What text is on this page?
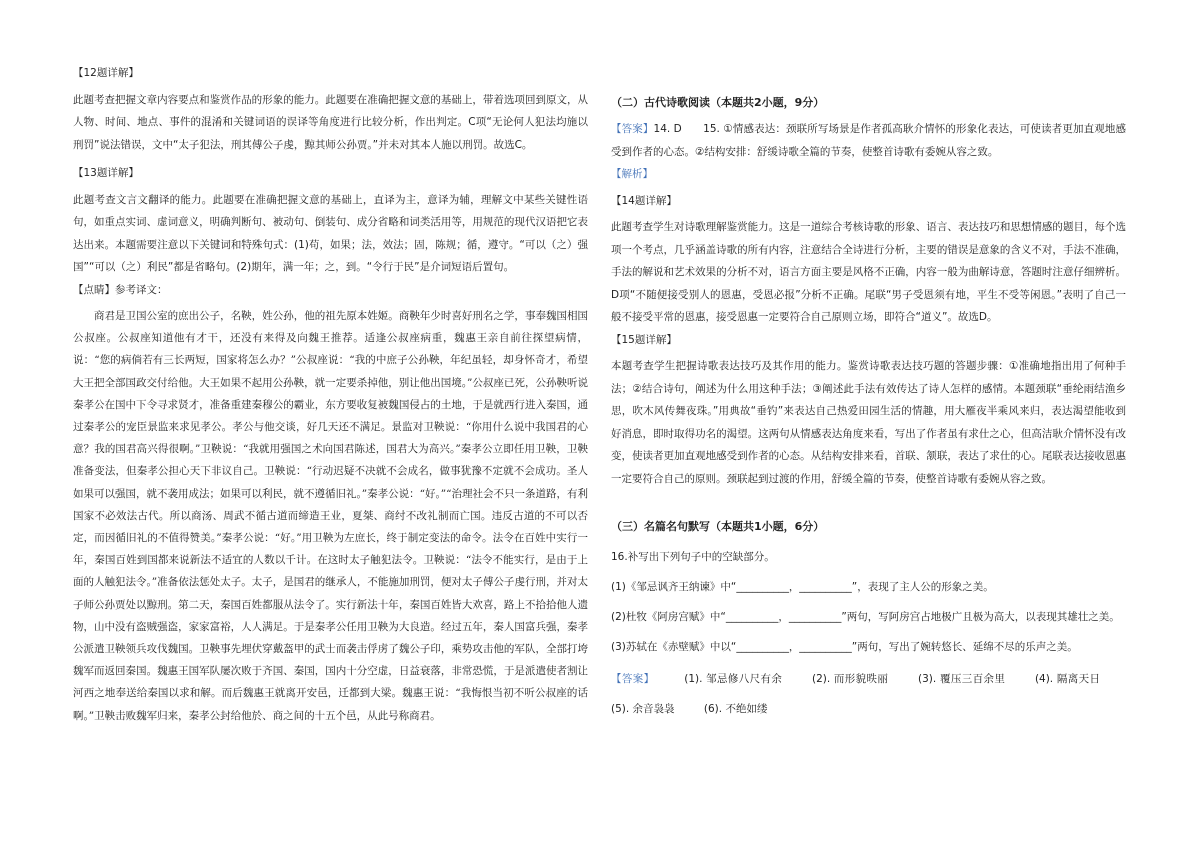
【12题详解】

此题考查把握文章内容要点和鉴赏作品的形象的能力。此题要在准确把握文意的基础上，带着选项回到原文，从人物、时间、地点、事件的混淆和关键词语的误译等角度进行比较分析，作出判定。C项“无论何人犯法均施以刑罚”说法错误，文中“太子犯法，刑其傅公子虔，黥其师公孙贾。”并未对其本人施以刑罚。故选C。

【13题详解】

此题考查文言文翻译的能力。此题要在准确把握文意的基础上，直译为主，意译为辅，理解文中某些关键性语句，如重点实词、虚词意义，明确判断句、被动句、倒装句、成分省略和词类活用等，用规范的现代汉语把它表达出来。本题需要注意以下关键词和特殊句式：(1)苟，如果；法，效法；固，陈规；循，遵守。“可以（之）强国”“可以（之）利民”都是省略句。(2)期年，满一年；之，到。“令行于民”是介词短语后置句。

【点睛】参考译文：

商君是卫国公室的庶出公子，名鞅，姓公孙，他的祖先原本姓姬。商鞅年少时喜好刑名之学，事奉魏国相国公叔座。公叔座知道他有才干，还没有来得及向魏王推荐。适逢公叔座病重，魏惠王亲自前往探望病情，说：“您的病倘若有三长两短，国家将怎么办？”公叔座说：“我的中庶子公孙鞅，年纪虽轻，却身怀奇才，希望大王把全部国政交付给他。大王如果不起用公孙鞅，就一定要杀掉他，别让他出国境。”公叔座已死，公孙鞅听说秦孝公在国中下令寻求贤才，准备重建秦穆公的霸业，东方要收复被魏国侵占的土地，于是就西行进入秦国，通过秦孝公的宠臣景监来求见孝公。孝公与他交谈，好几天还不满足。景监对卫鞅说：“你用什么说中我国君的心意？我的国君高兴得很啊。”卫鞅说：“我就用强国之术向国君陈述，国君大为高兴。”秦孝公立即任用卫鞅，卫鞅准备变法，但秦孝公担心天下非议自己。卫鞅说：“行动迟疑不决就不会成名，做事犹豫不定就不会成功。圣人如果可以强国，就不袭用成法；如果可以利民，就不遵循旧礼。”秦孝公说：“好。”“治理社会不只一条道路，有利国家不必效法古代。所以商汤、周武不循古道而缔造王业，夏桀、商纣不改礼制而亡国。违反古道的不可以否定，而因循旧礼的不值得赞美。”秦孝公说：“好。”用卫鞅为左庶长，终于制定变法的命令。法令在百姓中实行一年，秦国百姓到国都来说新法不适宜的人数以千计。在这时太子触犯法令。卫鞅说：“法令不能实行，是由于上面的人触犯法令。”准备依法惩处太子。太子，是国君的继承人，不能施加刑罚，便对太子傅公子虔行刑，并对太子师公孙贾处以黥刑。第二天，秦国百姓都服从法令了。实行新法十年，秦国百姓皆大欢喜，路上不拾拾他人遗物，山中没有盗贼强盗，家家富裕，人人满足。于是秦孝公任用卫鞅为大良造。经过五年，秦人国富兵强，秦孝公派遣卫鞅领兵攻伐魏国。卫鞅事先埋伏穿戴盔甲的武士而袭击俘虏了魏公子印，乘势攻击他的军队，全部打垮魏军而返回秦国。魏惠王国军队屡次败于齐国、秦国，国内十分空虚，日益衰落，非常恐慌，于是派遣使者割让河西之地奉送给秦国以求和解。而后魏惠王就离开安邑，迁都到大梁。魏惠王说：“我悔恨当初不听公叔座的话啊。”卫鞅击败魏军归来，秦孝公封给他於、商之间的十五个邑，从此号称商君。

（二）古代诗歌阅读（本题共2小题，9分）

【答案】14. D　　15. ①情感表达：颈联所写场景是作者孤高耿介情怀的形象化表达，可使读者更加直观地感受到作者的心态。②结构安排：舒缓诗歌全篇的节奏，使整首诗歌有委婉从容之致。

【解析】

【14题详解】

此题考查学生对诗歌理解鉴赏能力。这是一道综合考核诗歌的形象、语言、表达技巧和思想情感的题目，每个选项一个考点，几乎涵盖诗歌的所有内容，注意结合全诗进行分析，主要的错误是意象的含义不对，手法不准确，手法的解说和艺术效果的分析不对，语言方面主要是风格不正确，内容一般为曲解诗意，答题时注意仔细辨析。D项“不随便接受别人的恩惠，受恩必报”分析不正确。尾联“男子受恩须有地，平生不受等闲恩。”表明了自己一般不接受平常的恩惠，接受恩惠一定要符合自己原则立场，即符合“道义”。故选D。

【15题详解】

本题考查学生把握诗歌表达技巧及其作用的能力。鉴赏诗歌表达技巧题的答题步骤：①准确地指出用了何种手法；②结合诗句，阐述为什么用这种手法；③阐述此手法有效传达了诗人怎样的感情。本题颈联“垂纶雨结渔乡思，吹木风传舞夜珠。”用典故“垂钓”来表达自己热爱田园生活的情趣，用大雁夜半乘风来归，表达渴望能收到好消息，即时取得功名的渴望。这两句从情感表达角度来看，写出了作者虽有求仕之心，但高洁耿介情怀没有改变，使读者更加直观地感受到作者的心态。从结构安排来看，首联、颔联，表达了求仕的心。尾联表达接收恩惠一定要符合自己的原则。颈联起到过渡的作用，舒缓全篇的节奏，使整首诗歌有委婉从容之致。

（三）名篇名句默写（本题共1小题，6分）

16.补写出下列句子中的空缺部分。

(1)《邹忌讽齐王纳谏》中“__________，__________”，表现了主人公的形象之美。

(2)杜牧《阿房宫赋》中“__________，__________”两句，写阿房宫占地极广且极为高大，以表现其雄壮之美。

(3)苏轼在《赤壁赋》中以“__________，__________”两句，写出了婉转悠长、延绵不尽的乐声之美。

【答案】	(1). 邹忌修八尺有余	(2). 而形貌昳丽	(3). 覆压三百余里	(4). 隔离天日 (5). 余音袅袅	(6). 不绝如缕
